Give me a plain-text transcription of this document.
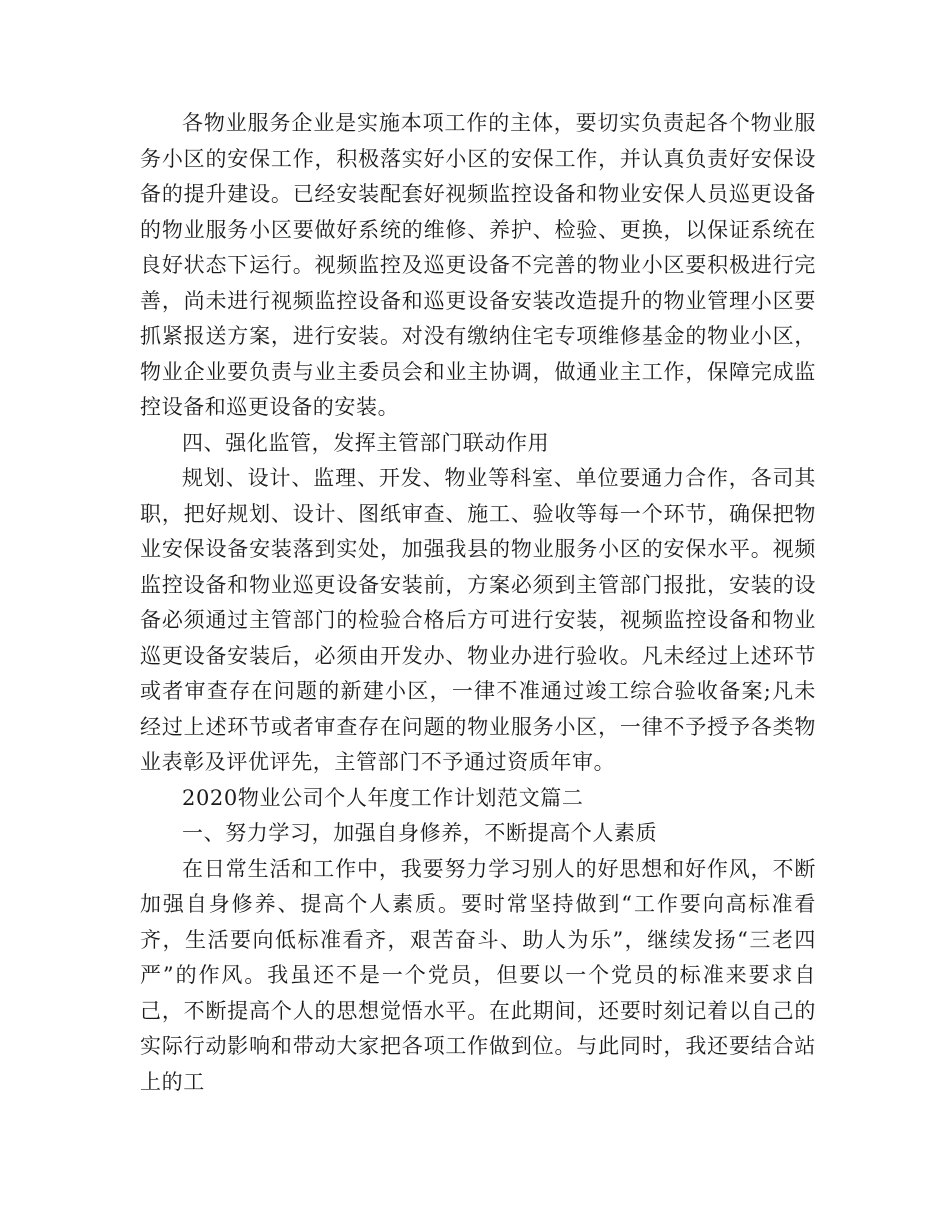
各物业服务企业是实施本项工作的主体，要切实负责起各个物业服务小区的安保工作，积极落实好小区的安保工作，并认真负责好安保设备的提升建设。已经安装配套好视频监控设备和物业安保人员巡更设备的物业服务小区要做好系统的维修、养护、检验、更换，以保证系统在良好状态下运行。视频监控及巡更设备不完善的物业小区要积极进行完善，尚未进行视频监控设备和巡更设备安装改造提升的物业管理小区要抓紧报送方案，进行安装。对没有缴纳住宅专项维修基金的物业小区，物业企业要负责与业主委员会和业主协调，做通业主工作，保障完成监控设备和巡更设备的安装。

四、强化监管，发挥主管部门联动作用

规划、设计、监理、开发、物业等科室、单位要通力合作，各司其职，把好规划、设计、图纸审查、施工、验收等每一个环节，确保把物业安保设备安装落到实处，加强我县的物业服务小区的安保水平。视频监控设备和物业巡更设备安装前，方案必须到主管部门报批，安装的设备必须通过主管部门的检验合格后方可进行安装，视频监控设备和物业巡更设备安装后，必须由开发办、物业办进行验收。凡未经过上述环节或者审查存在问题的新建小区，一律不准通过竣工综合验收备案;凡未经过上述环节或者审查存在问题的物业服务小区，一律不予授予各类物业表彰及评优评先，主管部门不予通过资质年审。

2020物业公司个人年度工作计划范文篇二

一、努力学习，加强自身修养，不断提高个人素质

在日常生活和工作中，我要努力学习别人的好思想和好作风，不断加强自身修养、提高个人素质。要时常坚持做到“工作要向高标准看齐，生活要向低标准看齐，艰苦奋斗、助人为乐”，继续发扬“三老四严”的作风。我虽还不是一个党员，但要以一个党员的标准来要求自己，不断提高个人的思想觉悟水平。在此期间，还要时刻记着以自己的实际行动影响和带动大家把各项工作做到位。与此同时，我还要结合站上的工
